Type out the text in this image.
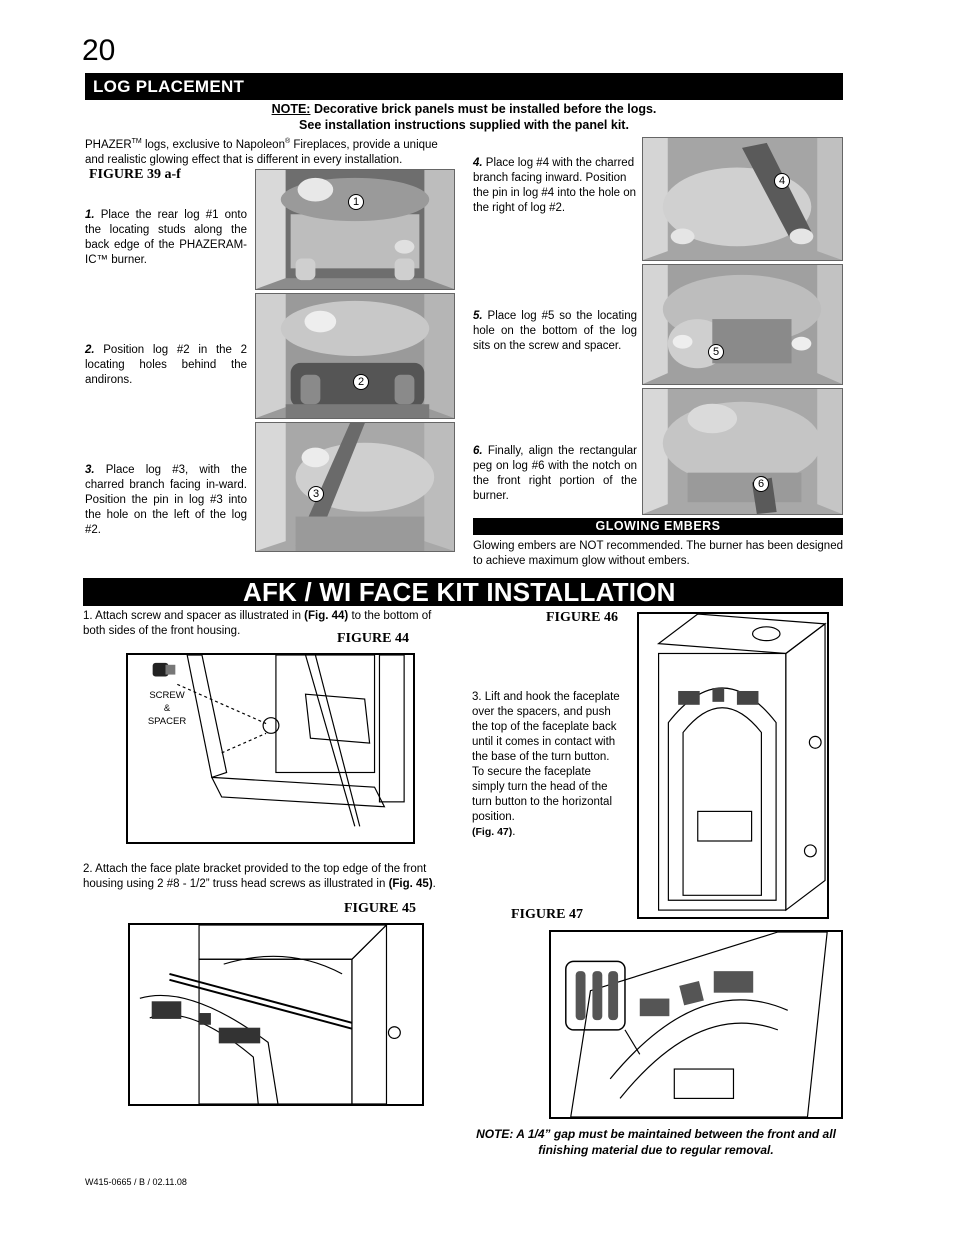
20
LOG PLACEMENT
NOTE: Decorative brick panels must be installed before the logs.
See installation instructions supplied with the panel kit.
PHAZER™ logs, exclusive to Napoleon® Fireplaces, provide a unique and realistic glowing effect that is different in every installation.
FIGURE 39 a-f
1. Place the rear log #1 onto the locating studs along the back edge of the PHAZERAM-IC™ burner.
2. Position log #2 in the 2 locating holes behind the andirons.
3. Place log #3, with the charred branch facing in-ward. Position the pin in log #3 into the hole on the left of the log #2.
4. Place log #4 with the charred branch facing inward. Position the pin in log #4 into the hole on the right of log #2.
5. Place log #5 so the locating hole on the bottom of the log sits on the screw and spacer.
6. Finally, align the rectangular peg on log #6 with the notch on the front right portion of the burner.
1
2
3
4
5
6
GLOWING EMBERS
Glowing embers are NOT recommended. The burner has been designed to achieve maximum glow without embers.
AFK / WI FACE KIT INSTALLATION
1. Attach screw and spacer as illustrated in (Fig. 44) to the bottom of both sides of the front housing.	FIGURE 44
FIGURE 46
SCREW
&
SPACER
3. Lift and hook the faceplate over the spacers, and push the top of the faceplate back until it comes in contact with the base of the turn button. To secure the faceplate simply turn the head of the turn button to the horizontal position.
(Fig. 47).
2. Attach the face plate bracket provided to the top edge of the front housing using 2 #8 - 1/2” truss head screws as illustrated in (Fig. 45).
FIGURE 45	FIGURE 47
NOTE: A 1/4” gap must be maintained between the front and all finishing material due to regular removal.
W415-0665 / B / 02.11.08
